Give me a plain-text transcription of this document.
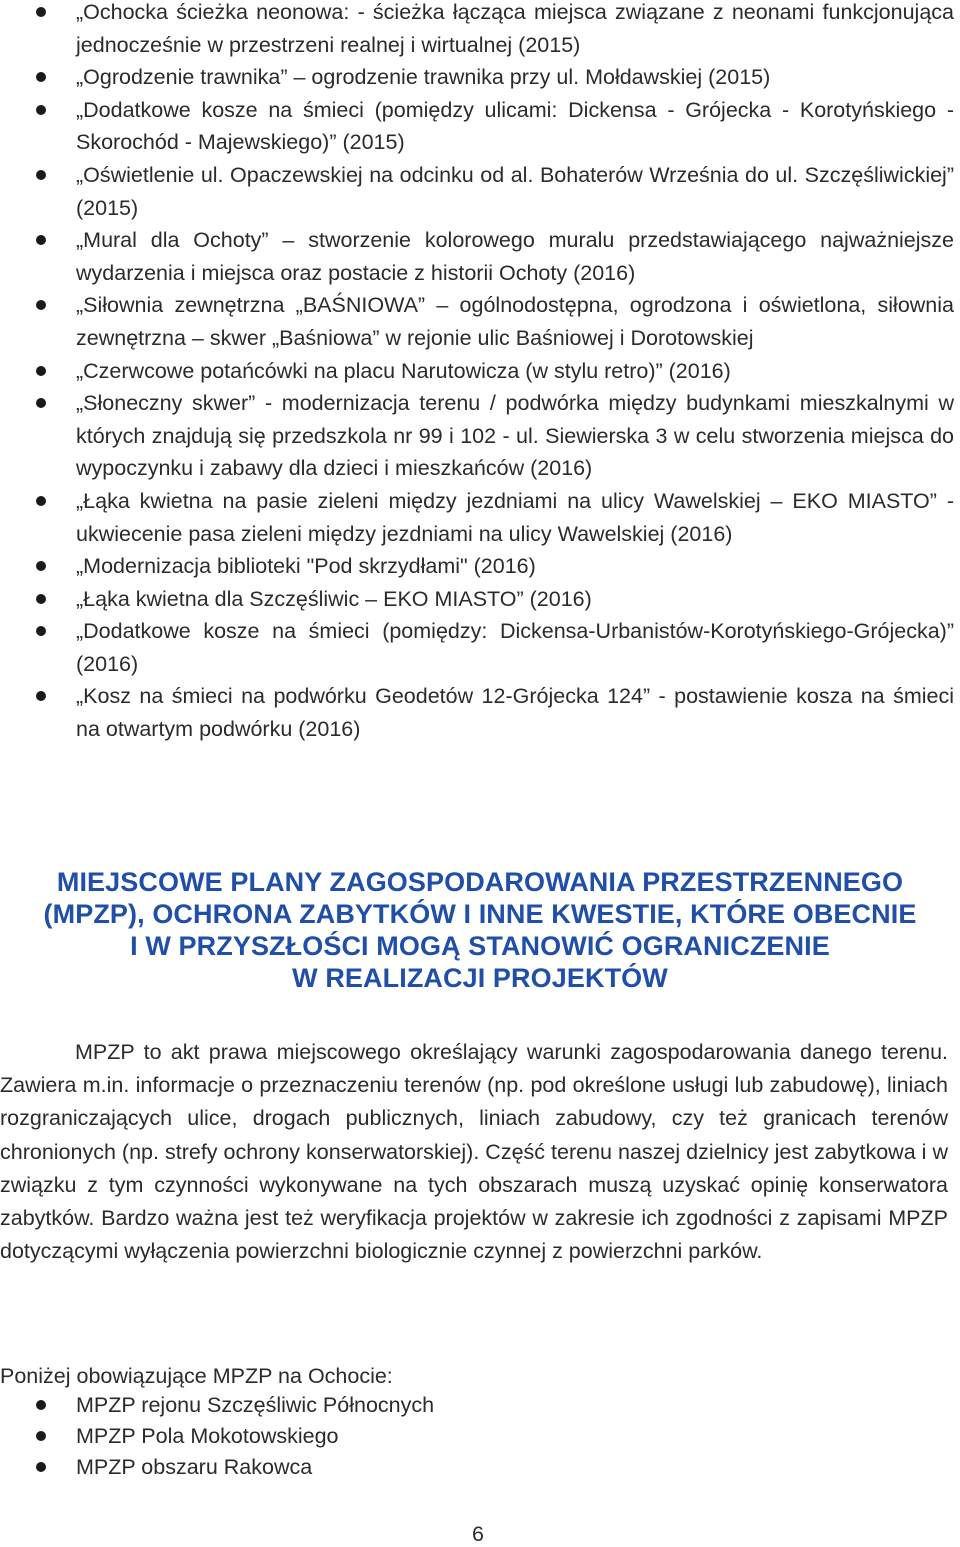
„Ochocka ścieżka neonowa: - ścieżka łącząca miejsca związane z neonami funkcjonująca jednocześnie w przestrzeni realnej i wirtualnej (2015)
„Ogrodzenie trawnika” – ogrodzenie trawnika przy ul. Mołdawskiej (2015)
„Dodatkowe kosze na śmieci (pomiędzy ulicami: Dickensa - Grójecka - Korotyńskiego - Skorochód - Majewskiego)” (2015)
„Oświetlenie ul. Opaczewskiej na odcinku od al. Bohaterów Września do ul. Szczęśliwickiej” (2015)
„Mural dla Ochoty” – stworzenie kolorowego muralu przedstawiającego najważniejsze wydarzenia i miejsca oraz postacie z historii Ochoty (2016)
„Siłownia zewnętrzna „BAŚNIOWA” – ogólnodostępna, ogrodzona i oświetlona, siłownia zewnętrzna – skwer „Baśniowa” w rejonie ulic Baśniowej i Dorotowskiej
„Czerwcowe potańcówki na placu Narutowicza (w stylu retro)” (2016)
„Słoneczny skwer” - modernizacja terenu / podwórka między budynkami mieszkalnymi w których znajdują się przedszkola nr 99 i 102 - ul. Siewierska 3 w celu stworzenia miejsca do wypoczynku i zabawy dla dzieci i mieszkańców (2016)
„Łąka kwietna na pasie zieleni między jezdniami na ulicy Wawelskiej – EKO MIASTO” - ukwiecenie pasa zieleni między jezdniami na ulicy Wawelskiej (2016)
„Modernizacja biblioteki "Pod skrzydłami" (2016)
„Łąka kwietna dla Szczęśliwic – EKO MIASTO” (2016)
„Dodatkowe kosze na śmieci (pomiędzy: Dickensa-Urbanistów-Korotyńskiego-Grójecka)” (2016)
„Kosz na śmieci na podwórku Geodetów 12-Grójecka 124” - postawienie kosza na śmieci na otwartym podwórku (2016)
MIEJSCOWE PLANY ZAGOSPODAROWANIA PRZESTRZENNEGO
(MPZP), OCHRONA ZABYTKÓW I INNE KWESTIE, KTÓRE OBECNIE
I W PRZYSZŁOŚCI MOGĄ STANOWIĆ OGRANICZENIE
W REALIZACJI PROJEKTÓW

MPZP to akt prawa miejscowego określający warunki zagospodarowania danego terenu. Zawiera m.in. informacje o przeznaczeniu terenów (np. pod określone usługi lub zabudowę), liniach rozgraniczających ulice, drogach publicznych, liniach zabudowy, czy też granicach terenów chronionych (np. strefy ochrony konserwatorskiej). Część terenu naszej dzielnicy jest zabytkowa i w związku z tym czynności wykonywane na tych obszarach muszą uzyskać opinię konserwatora zabytków. Bardzo ważna jest też weryfikacja projektów w zakresie ich zgodności z zapisami MPZP dotyczącymi wyłączenia powierzchni biologicznie czynnej z powierzchni parków.

Poniżej obowiązujące MPZP na Ochocie:

MPZP rejonu Szczęśliwic Północnych
MPZP Pola Mokotowskiego
MPZP obszaru Rakowca
6
